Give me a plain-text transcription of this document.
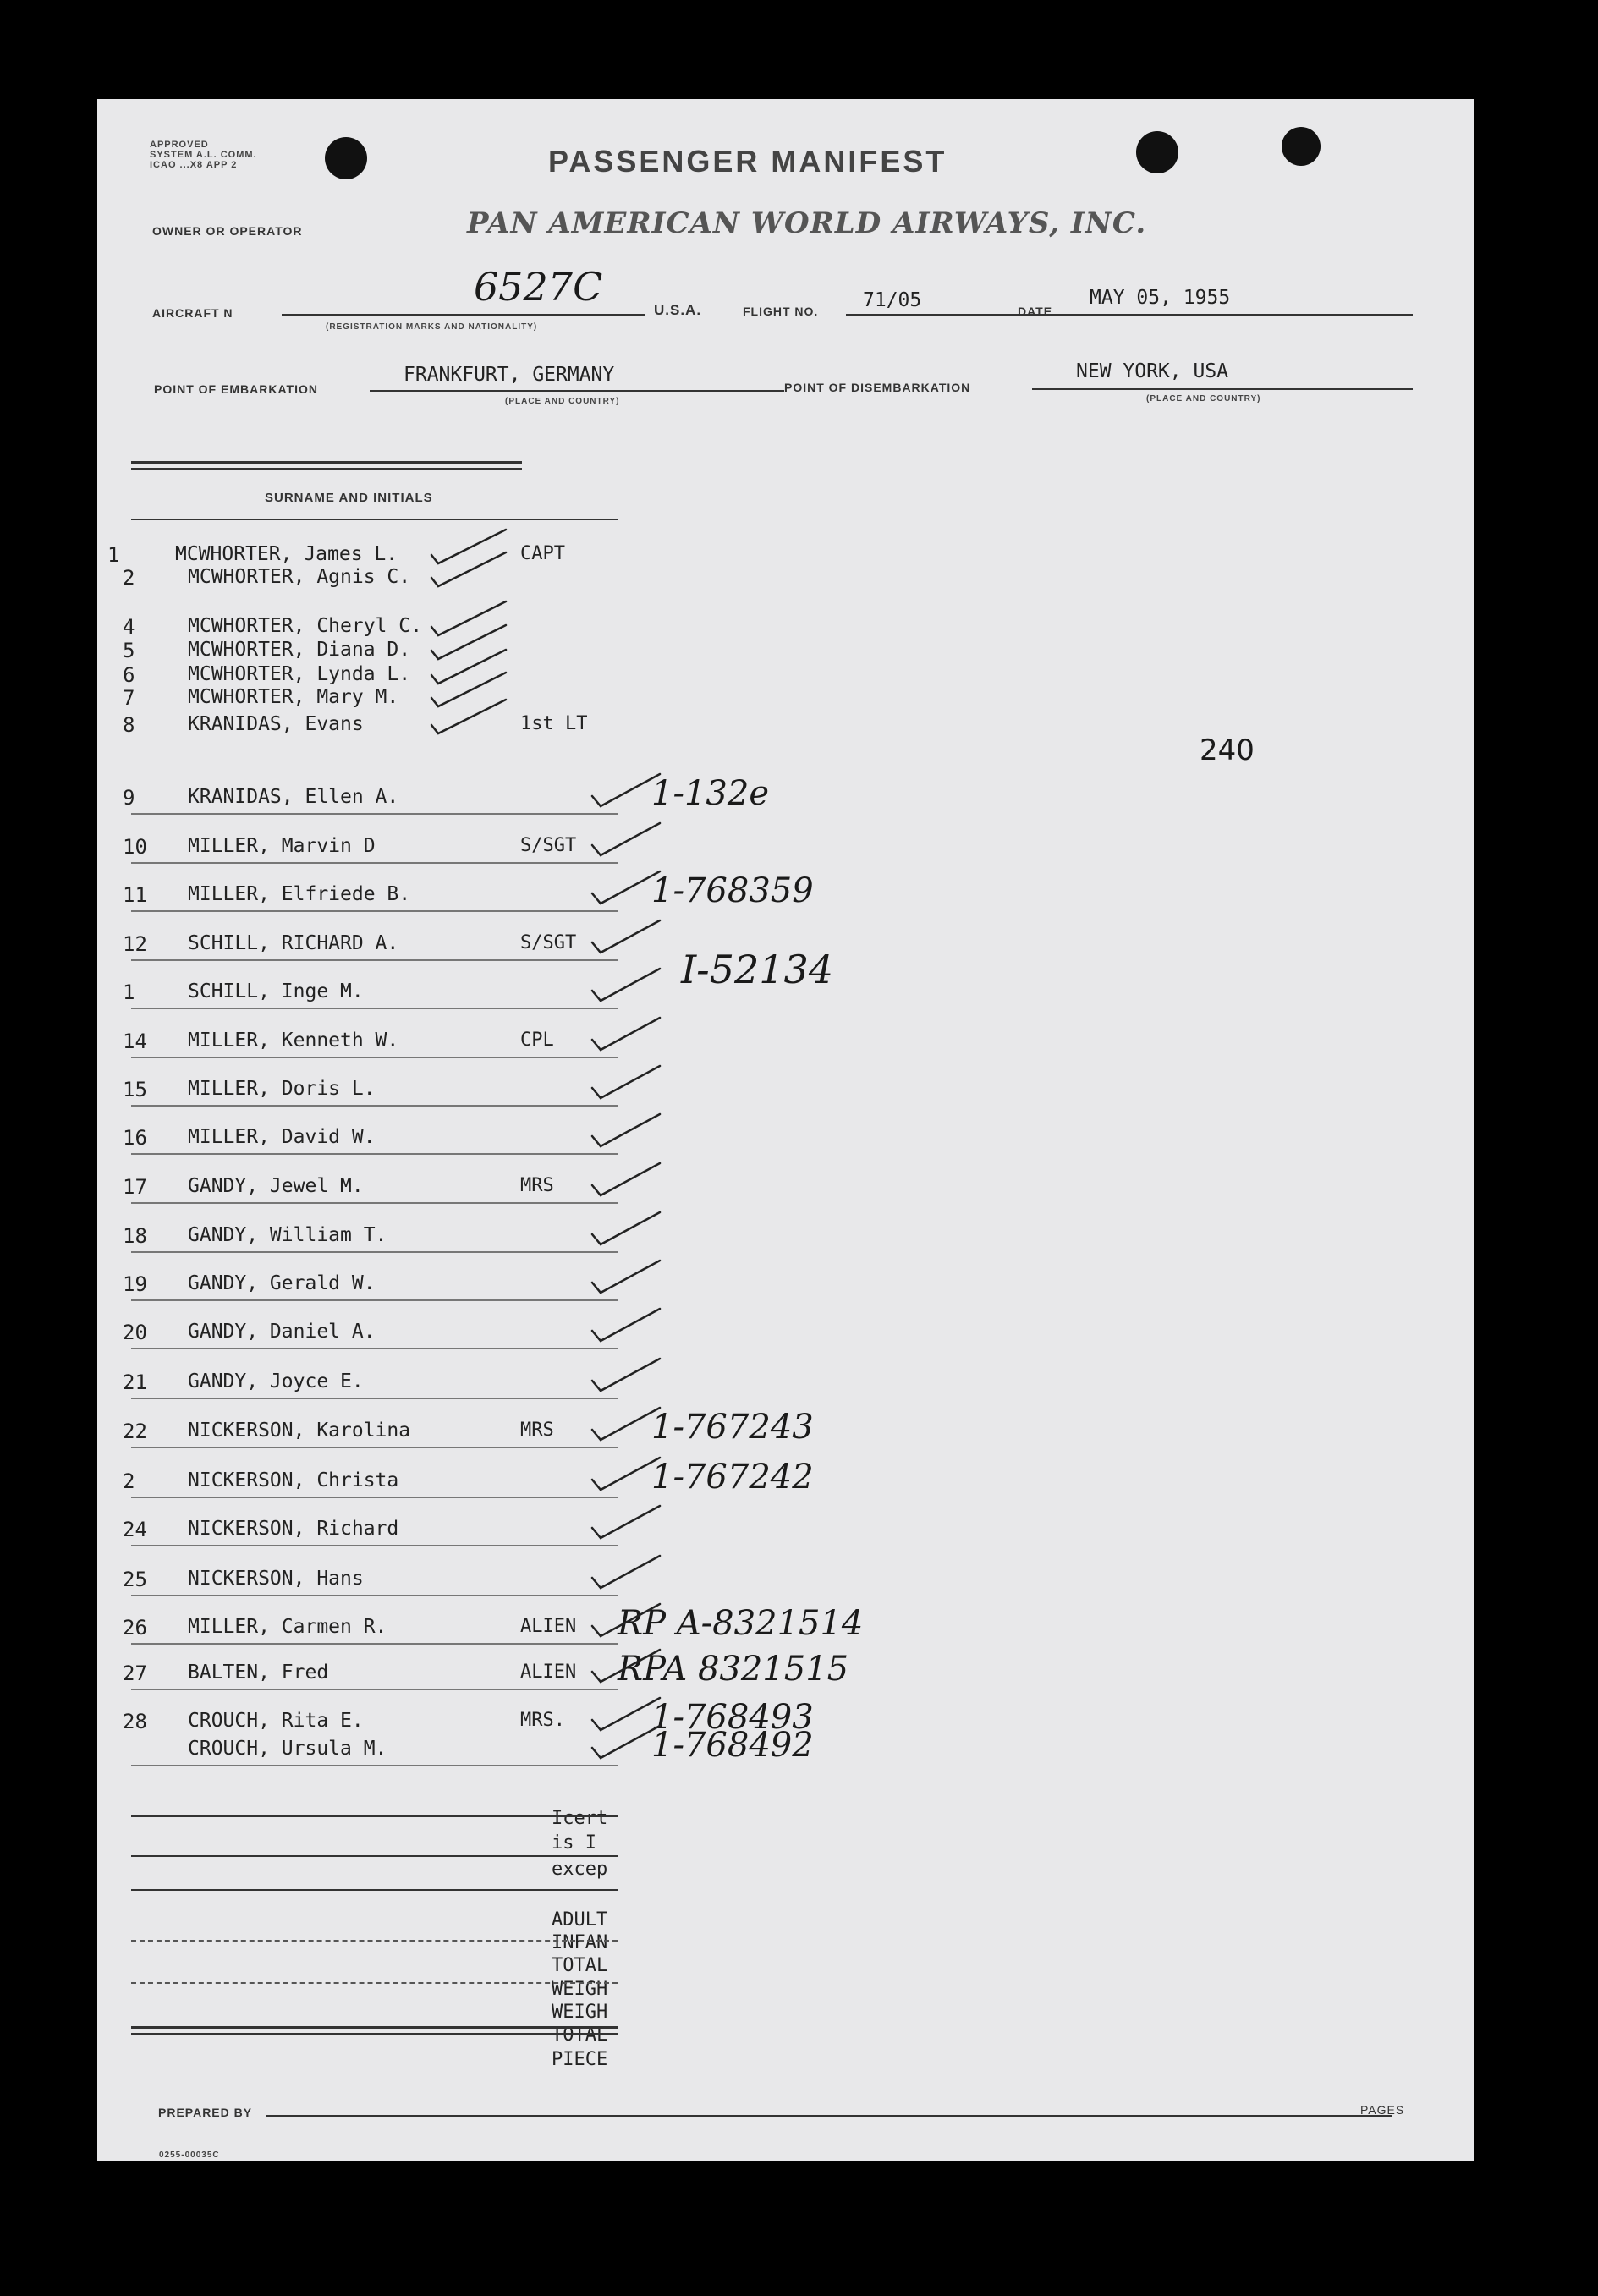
APPROVED
SYSTEM A.L. COMM.
ICAO ...X8 APP 2	PASSENGER MANIFEST
OWNER OR OPERATOR	PAN AMERICAN WORLD AIRWAYS, INC.
AIRCRAFT N
6527C
(REGISTRATION MARKS AND NATIONALITY)
U.S.A.	FLIGHT NO. 71/05	DATE
MAY 05, 1955
POINT OF EMBARKATION
FRANKFURT, GERMANY
(PLACE AND COUNTRY)
POINT OF DISEMBARKATION
NEW YORK, USA
(PLACE AND COUNTRY)
SURNAME AND INITIALS
240
1	MCWHORTER, James L.	CAPT
2	MCWHORTER, Agnis C.
4	MCWHORTER, Cheryl C.
5	MCWHORTER, Diana D.
6	MCWHORTER, Lynda L.
7	MCWHORTER, Mary M.
8	KRANIDAS, Evans	1st LT
9	KRANIDAS, Ellen A.	1-132e
10 MILLER, Marvin D	S/SGT
11 MILLER, Elfriede B.	1-768359
12 SCHILL, RICHARD A.	S/SGT
1	SCHILL, Inge M.	I-52134
14 MILLER, Kenneth W.	CPL
15 MILLER, Doris L.
16 MILLER, David W.
17 GANDY, Jewel M.	MRS
18 GANDY, William T.
19 GANDY, Gerald W.
20 GANDY, Daniel A.
21 GANDY, Joyce E.
22 NICKERSON, Karolina	MRS	1-767243
2	NICKERSON, Christa	1-767242
24 NICKERSON, Richard
25 NICKERSON, Hans
26 MILLER, Carmen R.	ALIEN RP A-8321514
27 BALTEN, Fred	ALIEN RPA 8321515
28 CROUCH, Rita E.	MRS.	1-768493
CROUCH, Ursula M.	1-768492
Icert
is I
excep
ADULT
INFAN
TOTAL
WEIGH
WEIGH
TOTAL
PIECE
PREPARED BY	PAGES
0255-00035C
